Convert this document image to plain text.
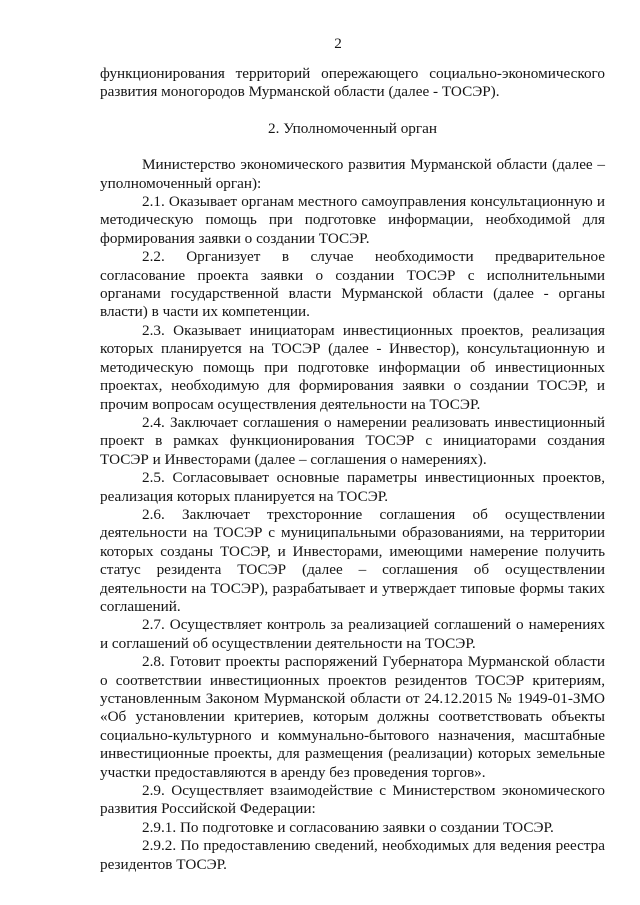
2

функционирования территорий опережающего социально-экономического развития моногородов Мурманской области (далее - ТОСЭР).

2. Уполномоченный орган

Министерство экономического развития Мурманской области (далее – уполномоченный орган):

2.1. Оказывает органам местного самоуправления консультационную и методическую помощь при подготовке информации, необходимой для формирования заявки о создании ТОСЭР.

2.2. Организует в случае необходимости предварительное согласование проекта заявки о создании ТОСЭР с исполнительными органами государственной власти Мурманской области (далее - органы власти) в части их компетенции.

2.3. Оказывает инициаторам инвестиционных проектов, реализация которых планируется на ТОСЭР (далее - Инвестор), консультационную и методическую помощь при подготовке информации об инвестиционных проектах, необходимую для формирования заявки о создании ТОСЭР, и прочим вопросам осуществления деятельности на ТОСЭР.

2.4. Заключает соглашения о намерении реализовать инвестиционный проект в рамках функционирования ТОСЭР с инициаторами создания ТОСЭР и Инвесторами (далее – соглашения о намерениях).

2.5. Согласовывает основные параметры инвестиционных проектов, реализация которых планируется на ТОСЭР.

2.6. Заключает трехсторонние соглашения об осуществлении деятельности на ТОСЭР с муниципальными образованиями, на территории которых созданы ТОСЭР, и Инвесторами, имеющими намерение получить статус резидента ТОСЭР (далее – соглашения об осуществлении деятельности на ТОСЭР), разрабатывает и утверждает типовые формы таких соглашений.

2.7. Осуществляет контроль за реализацией соглашений о намерениях и соглашений об осуществлении деятельности на ТОСЭР.

2.8. Готовит проекты распоряжений Губернатора Мурманской области о соответствии инвестиционных проектов резидентов ТОСЭР критериям, установленным Законом Мурманской области от 24.12.2015 № 1949-01-ЗМО «Об установлении критериев, которым должны соответствовать объекты социально-культурного и коммунально-бытового назначения, масштабные инвестиционные проекты, для размещения (реализации) которых земельные участки предоставляются в аренду без проведения торгов».

2.9. Осуществляет взаимодействие с Министерством экономического развития Российской Федерации:

2.9.1. По подготовке и согласованию заявки о создании ТОСЭР.

2.9.2. По предоставлению сведений, необходимых для ведения реестра резидентов ТОСЭР.
